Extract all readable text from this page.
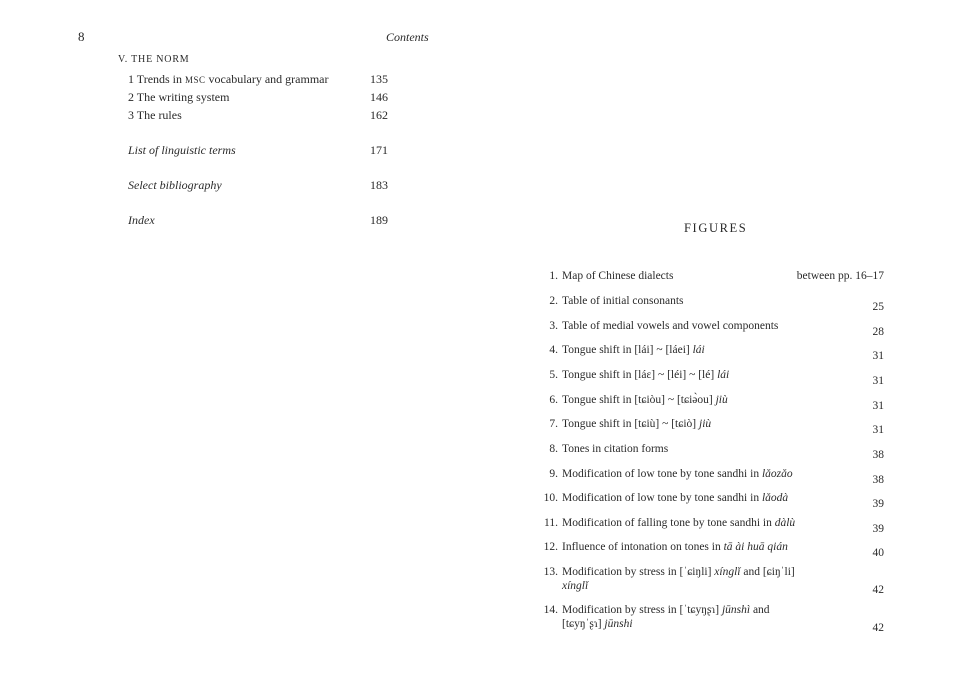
8	Contents
V. THE NORM
1 Trends in MSC vocabulary and grammar	135
2 The writing system	146
3 The rules	162
List of linguistic terms	171
Select bibliography	183
Index	189
FIGURES
1. Map of Chinese dialects	between pp. 16–17
2. Table of initial consonants	25
3. Table of medial vowels and vowel components	28
4. Tongue shift in [lái] ~ [láei] lái	31
5. Tongue shift in [láɛ] ~ [léi] ~ [lé] lái	31
6. Tongue shift in [tɕiòu] ~ [tɕiə̀ou] jiù	31
7. Tongue shift in [tɕiù] ~ [tɕiò] jiù	31
8. Tones in citation forms	38
9. Modification of low tone by tone sandhi in lǎozǎo	38
10. Modification of low tone by tone sandhi in lǎodà	39
11. Modification of falling tone by tone sandhi in dàlù	39
12. Influence of intonation on tones in tā ài huā qián	40
13. Modification by stress in [ˈɕiŋli] xínglǐ and [ɕiŋˈli]
xínglǐ	42
14. Modification by stress in [ˈtɕyŋʂɿ] jūnshì and
[tɕyŋˈʂɿ] jūnshi	42
